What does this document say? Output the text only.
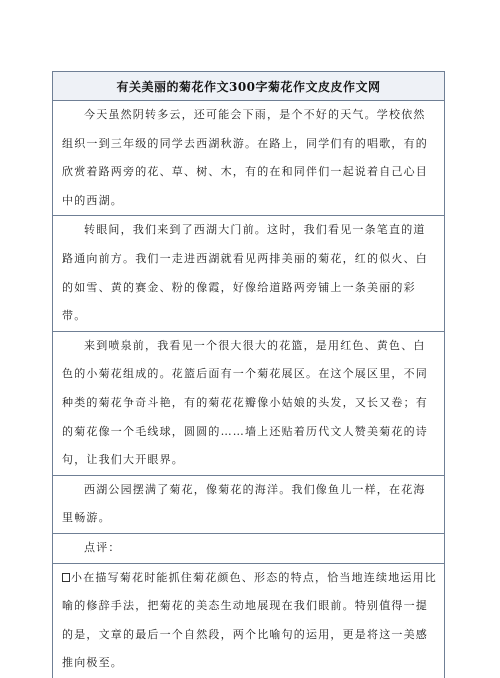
有关美丽的菊花作文300字菊花作文皮皮作文网
今天虽然阴转多云，还可能会下雨，是个不好的天气。学校依然组织一到三年级的同学去西湖秋游。在路上，同学们有的唱歌，有的欣赏着路两旁的花、草、树、木，有的在和同伴们一起说着自己心目中的西湖。
转眼间，我们来到了西湖大门前。这时，我们看见一条笔直的道路通向前方。我们一走进西湖就看见两排美丽的菊花，红的似火、白的如雪、黄的赛金、粉的像霞，好像给道路两旁铺上一条美丽的彩带。
来到喷泉前，我看见一个很大很大的花篮，是用红色、黄色、白色的小菊花组成的。花篮后面有一个菊花展区。在这个展区里，不同种类的菊花争奇斗艳，有的菊花花瓣像小姑娘的头发，又长又卷；有的菊花像一个毛线球，圆圆的……墙上还贴着历代文人赞美菊花的诗句，让我们大开眼界。
西湖公园摆满了菊花，像菊花的海洋。我们像鱼儿一样，在花海里畅游。
点评：
小在描写菊花时能抓住菊花颜色、形态的特点，恰当地连续地运用比喻的修辞手法，把菊花的美态生动地展现在我们眼前。特别值得一提的是，文章的最后一个自然段，两个比喻句的运用，更是将这一美感推向极至。
